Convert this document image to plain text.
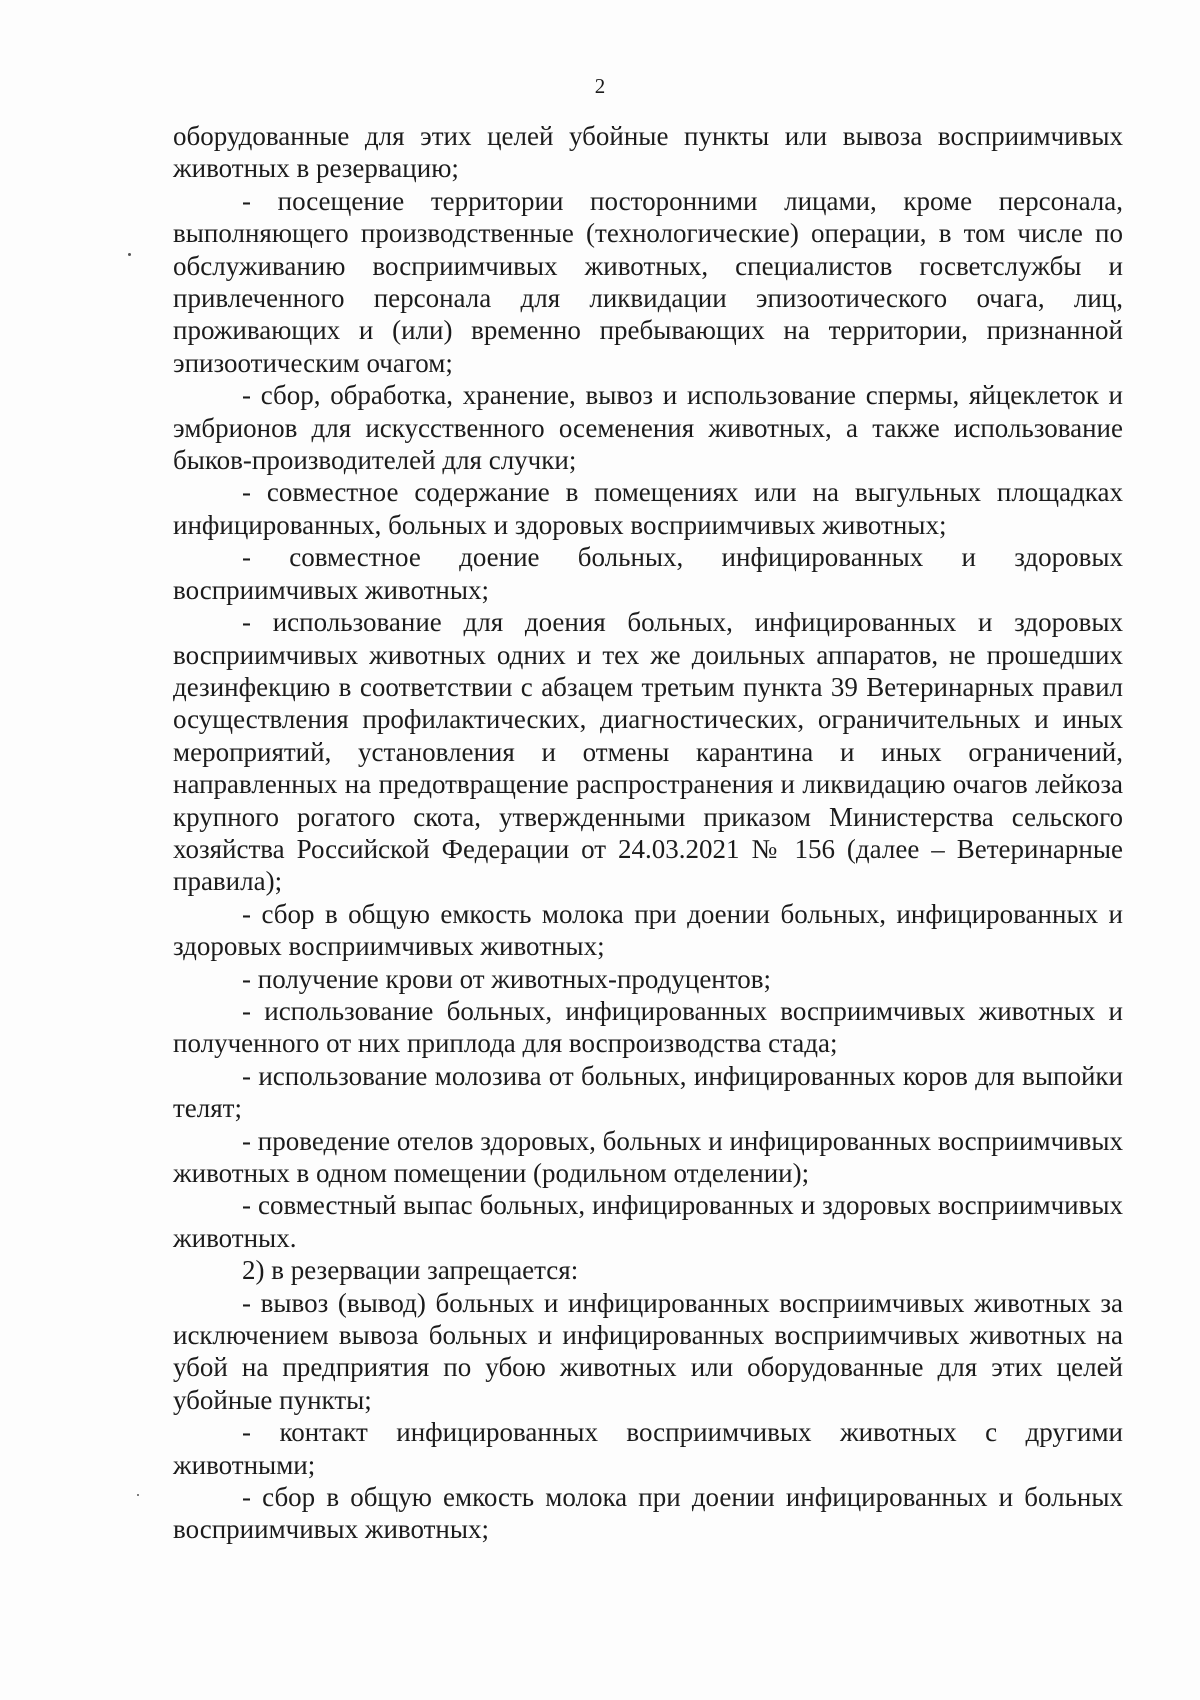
2

оборудованные для этих целей убойные пункты или вывоза восприимчивых животных в резервацию;

- посещение территории посторонними лицами, кроме персонала, выполняющего производственные (технологические) операции, в том числе по обслуживанию восприимчивых животных, специалистов госветслужбы и привлеченного персонала для ликвидации эпизоотического очага, лиц, проживающих и (или) временно пребывающих на территории, признанной эпизоотическим очагом;

- сбор, обработка, хранение, вывоз и использование спермы, яйцеклеток и эмбрионов для искусственного осеменения животных, а также использование быков-производителей для случки;

- совместное содержание в помещениях или на выгульных площадках инфицированных, больных и здоровых восприимчивых животных;

- совместное доение больных, инфицированных и здоровых восприимчивых животных;

- использование для доения больных, инфицированных и здоровых восприимчивых животных одних и тех же доильных аппаратов, не прошедших дезинфекцию в соответствии с абзацем третьим пункта 39 Ветеринарных правил осуществления профилактических, диагностических, ограничительных и иных мероприятий, установления и отмены карантина и иных ограничений, направленных на предотвращение распространения и ликвидацию очагов лейкоза крупного рогатого скота, утвержденными приказом Министерства сельского хозяйства Российской Федерации от 24.03.2021 № 156 (далее – Ветеринарные правила);

- сбор в общую емкость молока при доении больных, инфицированных и здоровых восприимчивых животных;

- получение крови от животных-продуцентов;

- использование больных, инфицированных восприимчивых животных и полученного от них приплода для воспроизводства стада;

- использование молозива от больных, инфицированных коров для выпойки телят;

- проведение отелов здоровых, больных и инфицированных восприимчивых животных в одном помещении (родильном отделении);

- совместный выпас больных, инфицированных и здоровых восприимчивых животных.

2) в резервации запрещается:

- вывоз (вывод) больных и инфицированных восприимчивых животных за исключением вывоза больных и инфицированных восприимчивых животных на убой на предприятия по убою животных или оборудованные для этих целей убойные пункты;

- контакт инфицированных восприимчивых животных с другими животными;

- сбор в общую емкость молока при доении инфицированных и больных восприимчивых животных;
